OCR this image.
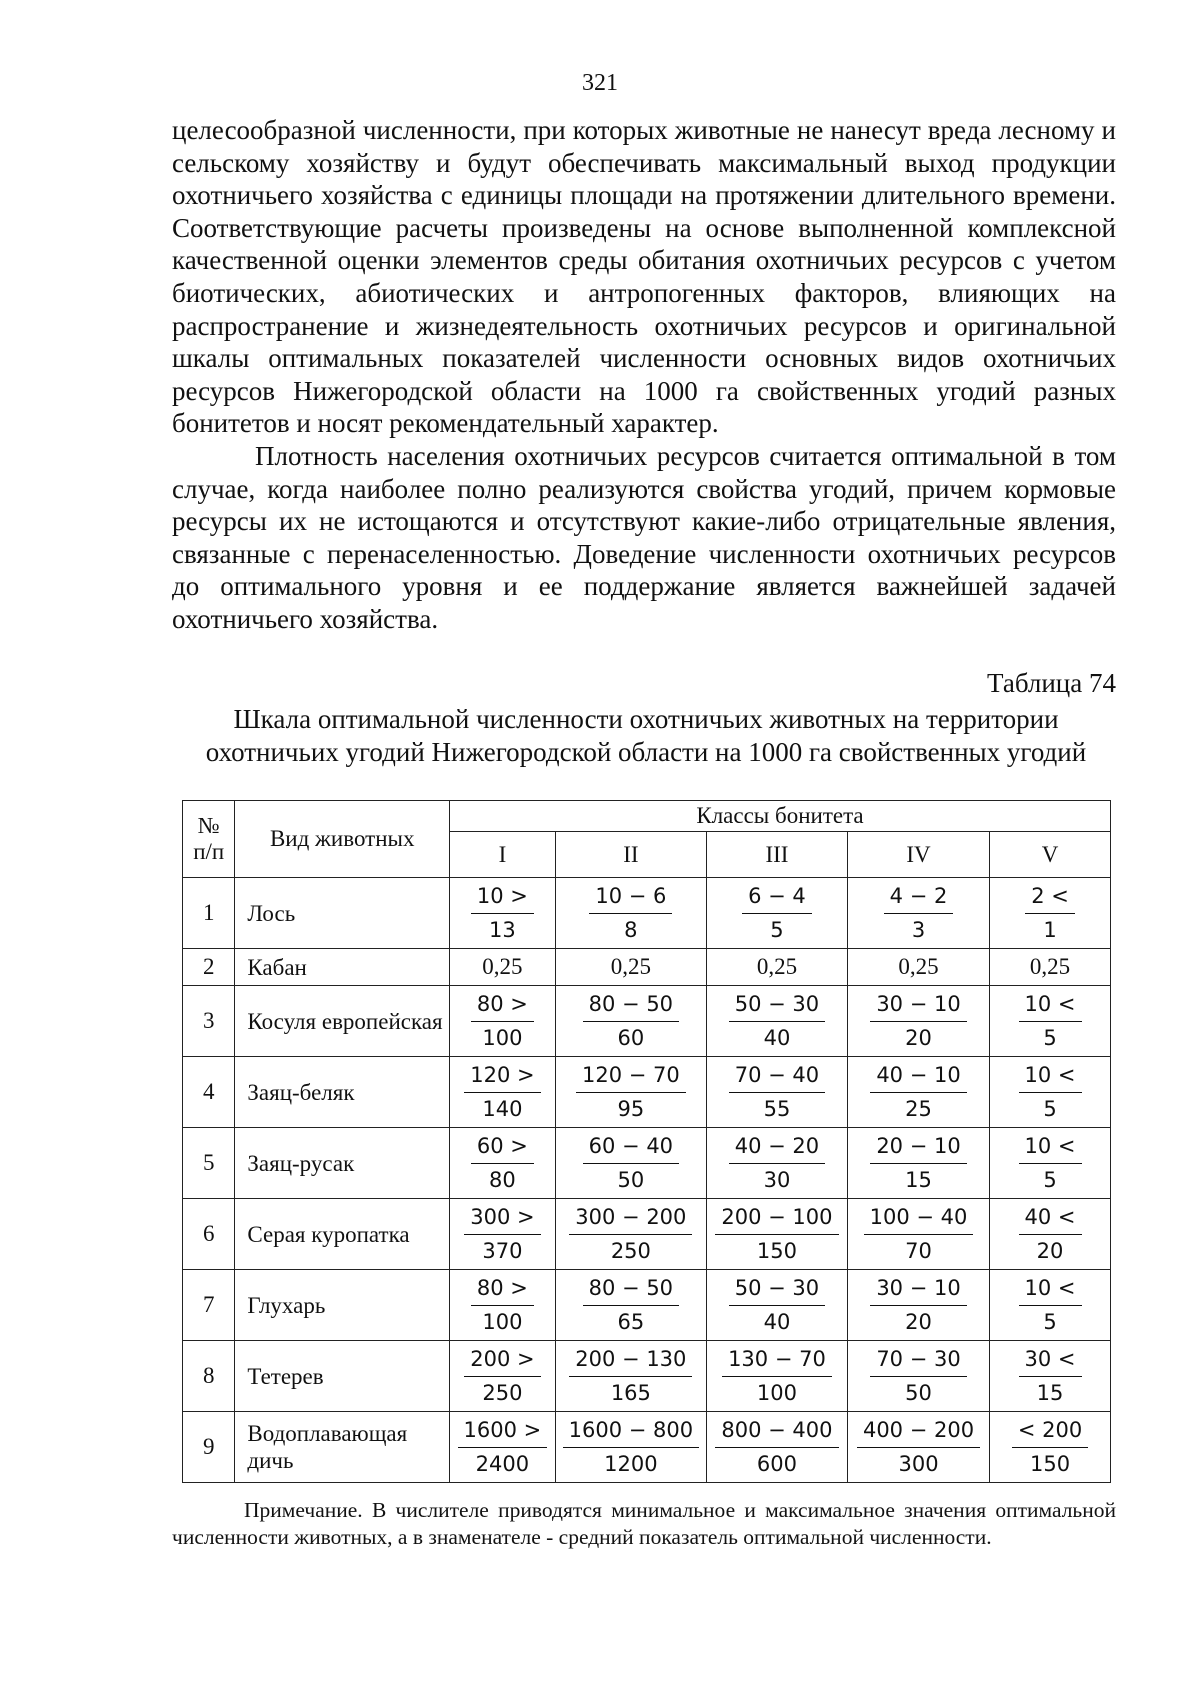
321

целесообразной численности, при которых животные не нанесут вреда лесному и сельскому хозяйству и будут обеспечивать максимальный выход продукции охотничьего хозяйства с единицы площади на протяжении длительного времени. Соответствующие расчеты произведены на основе выполненной комплексной качественной оценки элементов среды обитания охотничьих ресурсов с учетом биотических, абиотических и антропогенных факторов, влияющих на распространение и жизнедеятельность охотничьих ресурсов и оригинальной шкалы оптимальных показателей численности основных видов охотничьих ресурсов Нижегородской области на 1000 га свойственных угодий разных бонитетов и носят рекомендательный характер.

Плотность населения охотничьих ресурсов считается оптимальной в том случае, когда наиболее полно реализуются свойства угодий, причем кормовые ресурсы их не истощаются и отсутствуют какие-либо отрицательные явления, связанные с перенаселенностью. Доведение численности охотничьих ресурсов до оптимального уровня и ее поддержание является важнейшей задачей охотничьего хозяйства.

Таблица 74
Шкала оптимальной численности охотничьих животных на территории
охотничьих угодий Нижегородской области на 1000 га свойственных угодий
№
п/п	Вид животных	Классы бонитета				
		I	II	III	IV	V
1	Лось	$\frac{10 >}{13}$	$\frac{10 - 6}{8}$	$\frac{6 - 4}{5}$	$\frac{4 - 2}{3}$	$\frac{2 <}{1}$

2	Кабан	0,25	0,25	0,25	0,25	0,25
3	Косуля европейская	$\frac{80 >}{100}$	$\frac{80 - 50}{60}$	$\frac{50 - 30}{40}$	$\frac{30 - 10}{20}$	$\frac{10 <}{5}$

4	Заяц-беляк	$\frac{120 >}{140}$	$\frac{120 - 70}{95}$	$\frac{70 - 40}{55}$	$\frac{40 - 10}{25}$	$\frac{10 <}{5}$

5	Заяц-русак	$\frac{60 >}{80}$	$\frac{60 - 40}{50}$	$\frac{40 - 20}{30}$	$\frac{20 - 10}{15}$	$\frac{10 <}{5}$

6	Серая куропатка	$\frac{300 >}{370}$	$\frac{300 - 200}{250}$	$\frac{200 - 100}{150}$	$\frac{100 - 40}{70}$	$\frac{40 <}{20}$

7	Глухарь	$\frac{80 >}{100}$	$\frac{80 - 50}{65}$	$\frac{50 - 30}{40}$	$\frac{30 - 10}{20}$	$\frac{10 <}{5}$

8	Тетерев	$\frac{200 >}{250}$	$\frac{200 - 130}{165}$	$\frac{130 - 70}{100}$	$\frac{70 - 30}{50}$	$\frac{30 <}{15}$

9	Водоплавающая дичь	$\frac{1600 >}{2400}$	$\frac{1600 - 800}{1200}$	$\frac{800 - 400}{600}$	$\frac{400 - 200}{300}$	$\frac{< 200}{150}$

Примечание. В числителе приводятся минимальное и максимальное значения оптимальной численности животных, а в знаменателе - средний показатель оптимальной численности.
